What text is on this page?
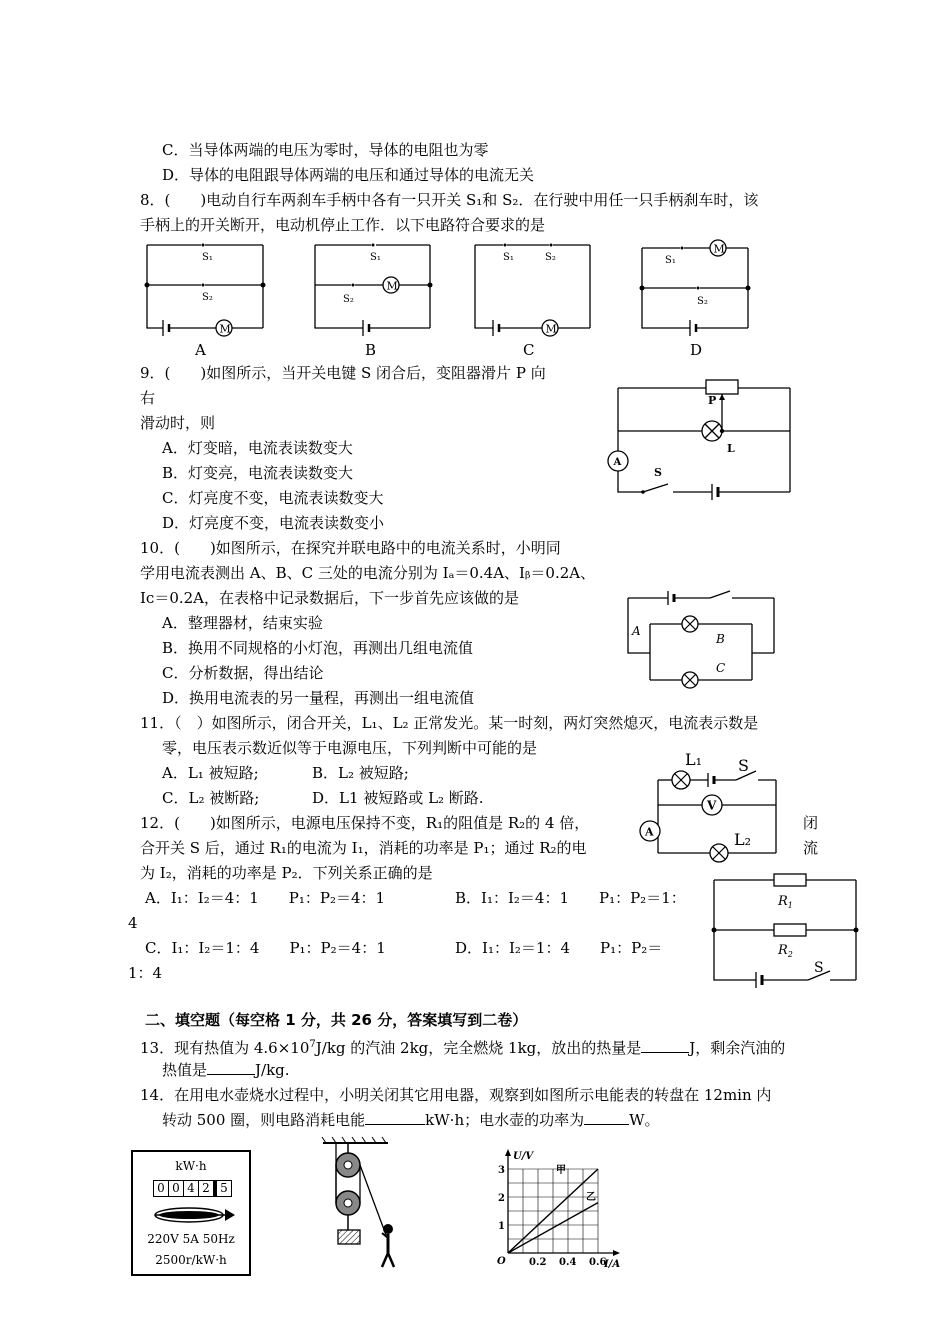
C．当导体两端的电压为零时，导体的电阻也为零
D．导体的电阻跟导体两端的电压和通过导体的电流无关
8．(　　)电动自行车两刹车手柄中各有一只开关 S₁和 S₂．在行驶中用任一只手柄刹车时，该
手柄上的开关断开，电动机停止工作．以下电路符合要求的是
M
S₁
S₂
A
M
S₁
S₂
B
M
S₁	S₂
C
M
S₁
S₂
D
9．(　　)如图所示，当开关电键 S 闭合后，变阻器滑片 P 向
右
滑动时，则
A．灯变暗，电流表读数变大
B．灯变亮，电流表读数变大
C．灯亮度不变，电流表读数变大
D．灯亮度不变，电流表读数变小
P
L
A
S
10．(　　)如图所示，在探究并联电路中的电流关系时，小明同
学用电流表测出 A、B、C 三处的电流分别为 Iₐ＝0.4A、Iᵦ＝0.2A、
Iᴄ＝0.2A，在表格中记录数据后，下一步首先应该做的是
A．整理器材，结束实验
B．换用不同规格的小灯泡，再测出几组电流值
C．分析数据，得出结论
D．换用电流表的另一量程，再测出一组电流值
A
B
C
11．（　）如图所示，闭合开关，L₁、L₂ 正常发光。某一时刻，两灯突然熄灭，电流表示数是
零，电压表示数近似等于电源电压，下列判断中可能的是
A．L₁ 被短路;	B．L₂ 被短路;
C．L₂ 被断路;	D．L1 被短路或 L₂ 断路.
L₁ S
V
A	L₂
12．(　　)如图所示，电源电压保持不变，R₁的阻值是 R₂的 4 倍，	闭
合开关 S 后，通过 R₁的电流为 I₁，消耗的功率是 P₁；通过 R₂的电	流
为 I₂，消耗的功率是 P₂．下列关系正确的是
A．I₁：I₂＝4：1　　P₁：P₂＝4：1	B．I₁：I₂＝4：1　　P₁：P₂＝1：
4
C．I₁：I₂＝1：4　　P₁：P₂＝4：1	D．I₁：I₂＝1：4　　P₁：P₂＝
1：4
$R_1$
$R_2$
S
二、填空题（每空格 1 分，共 26 分，答案填写到二卷）
13．现有热值为 $4.6\times 10^7J/kg$ 的汽油 2kg，完全燃烧 1kg，放出的热量是	J，剩余汽油的
热值是	J/kg.
14．在用电水壶烧水过程中，小明关闭其它用电器，观察到如图所示电能表的转盘在 12min 内
转动 500 圈，则电路消耗电能	kW·h；电水壶的功率为	W。
kW·h
0 0 4 2 5
220V 5A 50Hz
2500r/kW·h
U/V
I/A
O
1
2
3
0.2 0.4 0.6
甲
乙
